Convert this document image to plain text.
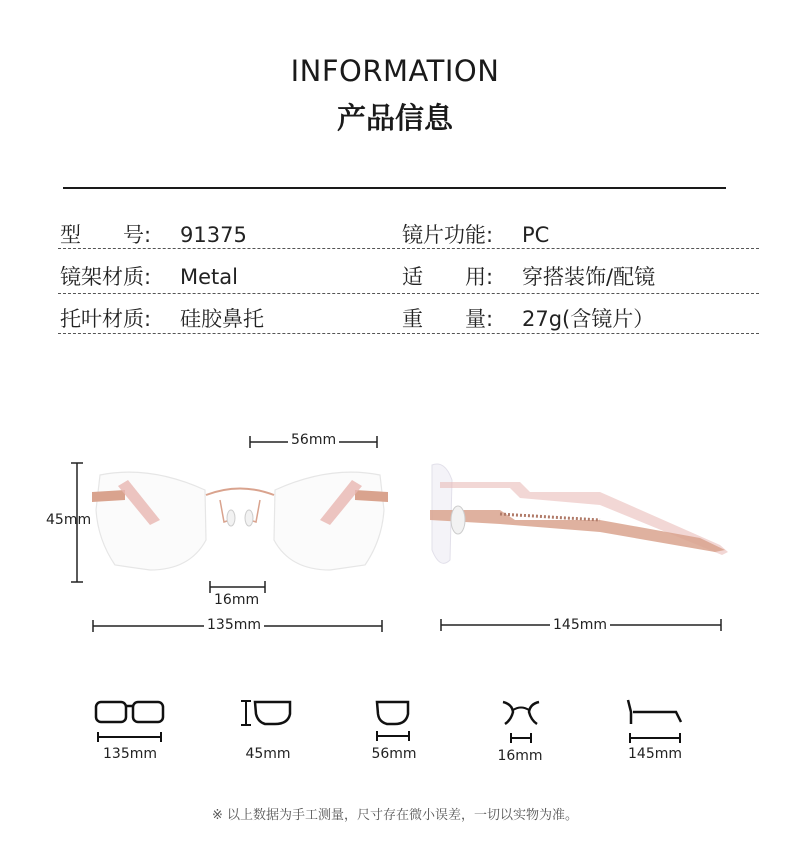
INFORMATION
产品信息
型　　号: 91375	镜片功能: PC
镜架材质: Metal	适　　用: 穿搭装饰/配镜
托叶材质: 硅胶鼻托	重　　量: 27g(含镜片）
56mm
45mm
16mm
135mm	145mm
135mm	45mm	56mm	16mm	145mm
※ 以上数据为手工测量，尺寸存在微小误差，一切以实物为准。
